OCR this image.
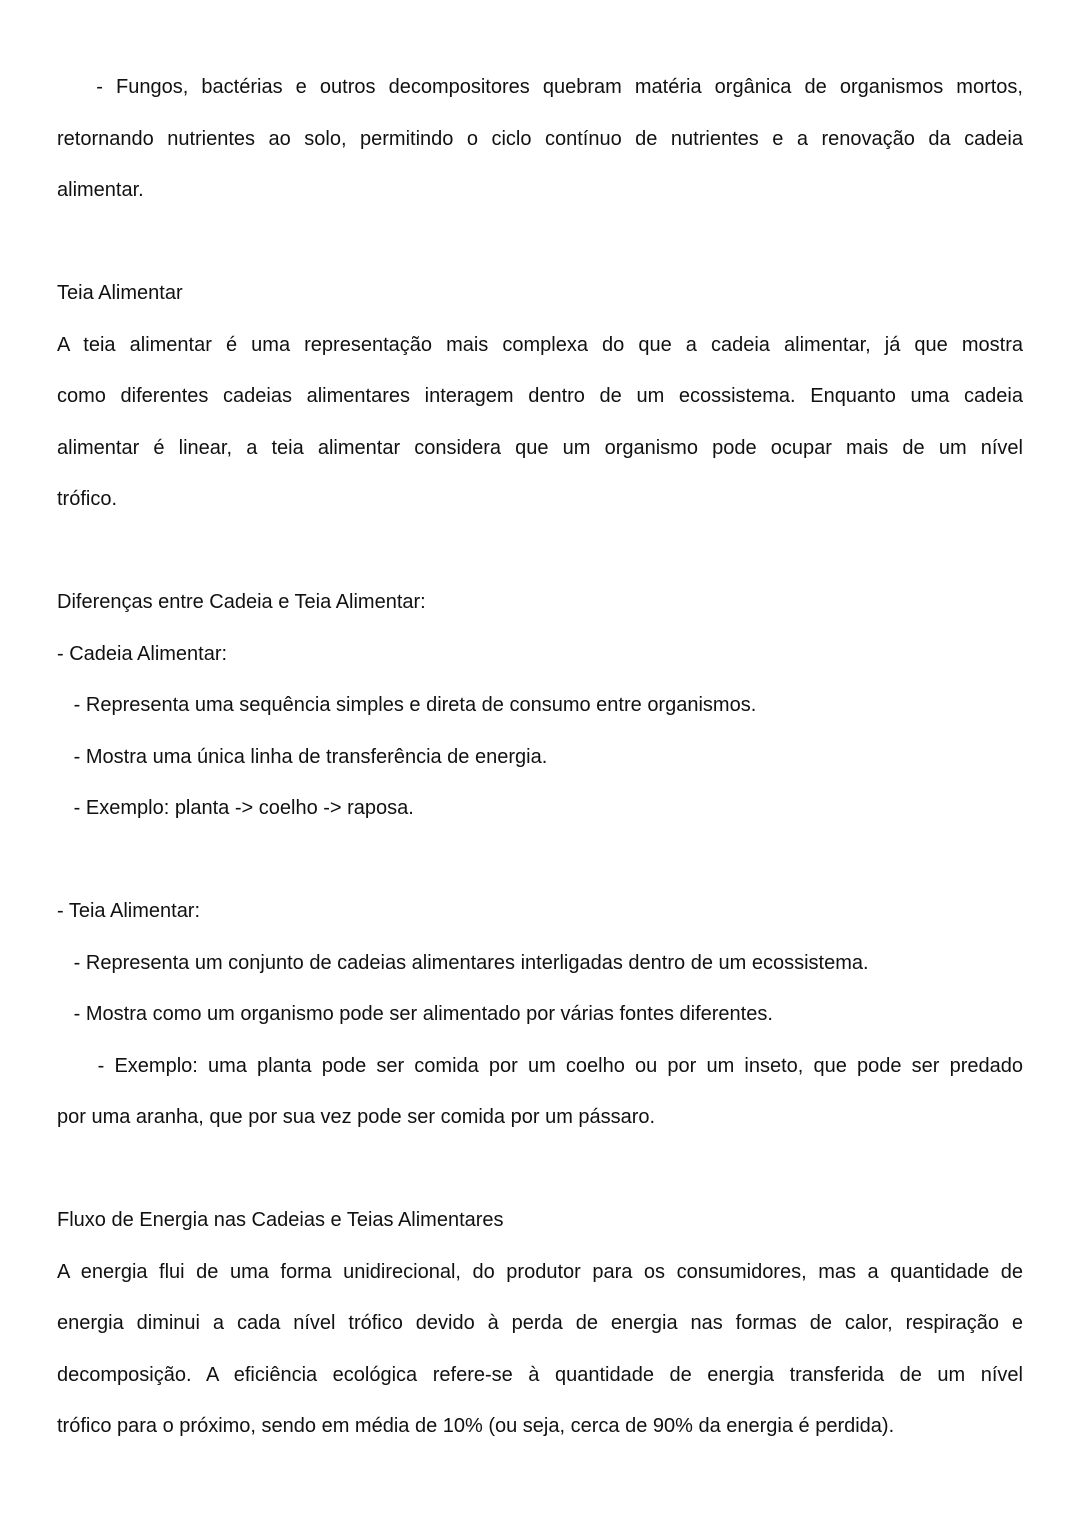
- Fungos, bactérias e outros decompositores quebram matéria orgânica de organismos mortos,
retornando nutrientes ao solo, permitindo o ciclo contínuo de nutrientes e a renovação da cadeia
alimentar.
Teia Alimentar
A teia alimentar é uma representação mais complexa do que a cadeia alimentar, já que mostra
como diferentes cadeias alimentares interagem dentro de um ecossistema. Enquanto uma cadeia
alimentar é linear, a teia alimentar considera que um organismo pode ocupar mais de um nível
trófico.
Diferenças entre Cadeia e Teia Alimentar:
- Cadeia Alimentar:
- Representa uma sequência simples e direta de consumo entre organismos.
- Mostra uma única linha de transferência de energia.
- Exemplo: planta -> coelho -> raposa.
- Teia Alimentar:
- Representa um conjunto de cadeias alimentares interligadas dentro de um ecossistema.
- Mostra como um organismo pode ser alimentado por várias fontes diferentes.
- Exemplo: uma planta pode ser comida por um coelho ou por um inseto, que pode ser predado
por uma aranha, que por sua vez pode ser comida por um pássaro.
Fluxo de Energia nas Cadeias e Teias Alimentares
A energia flui de uma forma unidirecional, do produtor para os consumidores, mas a quantidade de
energia diminui a cada nível trófico devido à perda de energia nas formas de calor, respiração e
decomposição. A eficiência ecológica refere-se à quantidade de energia transferida de um nível
trófico para o próximo, sendo em média de 10% (ou seja, cerca de 90% da energia é perdida).
